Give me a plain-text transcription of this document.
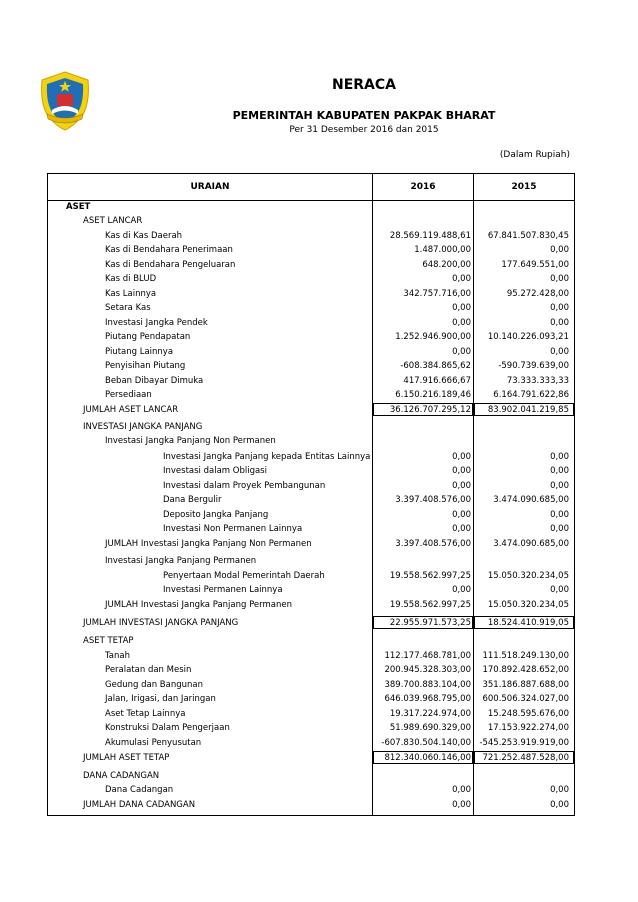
NERACA
PEMERINTAH KABUPATEN PAKPAK BHARAT
Per 31 Desember 2016 dan 2015
(Dalam Rupiah)
URAIAN	2016	2015
ASET
ASET LANCAR
Kas di Kas Daerah	28.569.119.488,61	67.841.507.830,45
Kas di Bendahara Penerimaan	1.487.000,00	0,00
Kas di Bendahara Pengeluaran	648.200,00	177.649.551,00
Kas di BLUD	0,00	0,00
Kas Lainnya	342.757.716,00	95.272.428,00
Setara Kas	0,00	0,00
Investasi Jangka Pendek	0,00	0,00
Piutang Pendapatan	1.252.946.900,00	10.140.226.093,21
Piutang Lainnya	0,00	0,00
Penyisihan Piutang	-608.384.865,62	-590.739.639,00
Beban Dibayar Dimuka	417.916.666,67	73.333.333,33
Persediaan	6.150.216.189,46	6.164.791.622,86
JUMLAH ASET LANCAR	36.126.707.295,12	83.902.041.219,85
INVESTASI JANGKA PANJANG
Investasi Jangka Panjang Non Permanen
Investasi Jangka Panjang kepada Entitas Lainnya	0,00	0,00
Investasi dalam Obligasi	0,00	0,00
Investasi dalam Proyek Pembangunan	0,00	0,00
Dana Bergulir	3.397.408.576,00	3.474.090.685,00
Deposito Jangka Panjang	0,00	0,00
Investasi Non Permanen Lainnya	0,00	0,00
JUMLAH Investasi Jangka Panjang Non Permanen	3.397.408.576,00	3.474.090.685,00
Investasi Jangka Panjang Permanen
Penyertaan Modal Pemerintah Daerah	19.558.562.997,25	15.050.320.234,05
Investasi Permanen Lainnya	0,00	0,00
JUMLAH Investasi Jangka Panjang Permanen	19.558.562.997,25	15.050.320.234,05
JUMLAH INVESTASI JANGKA PANJANG	22.955.971.573,25	18.524.410.919,05
ASET TETAP
Tanah	112.177.468.781,00	111.518.249.130,00
Peralatan dan Mesin	200.945.328.303,00	170.892.428.652,00
Gedung dan Bangunan	389.700.883.104,00	351.186.887.688,00
Jalan, Irigasi, dan Jaringan	646.039.968.795,00	600.506.324.027,00
Aset Tetap Lainnya	19.317.224.974,00	15.248.595.676,00
Konstruksi Dalam Pengerjaan	51.989.690.329,00	17.153.922.274,00
Akumulasi Penyusutan	-607.830.504.140,00 -545.253.919.919,00
JUMLAH ASET TETAP	812.340.060.146,00	721.252.487.528,00
DANA CADANGAN
Dana Cadangan	0,00	0,00
JUMLAH DANA CADANGAN	0,00	0,00
